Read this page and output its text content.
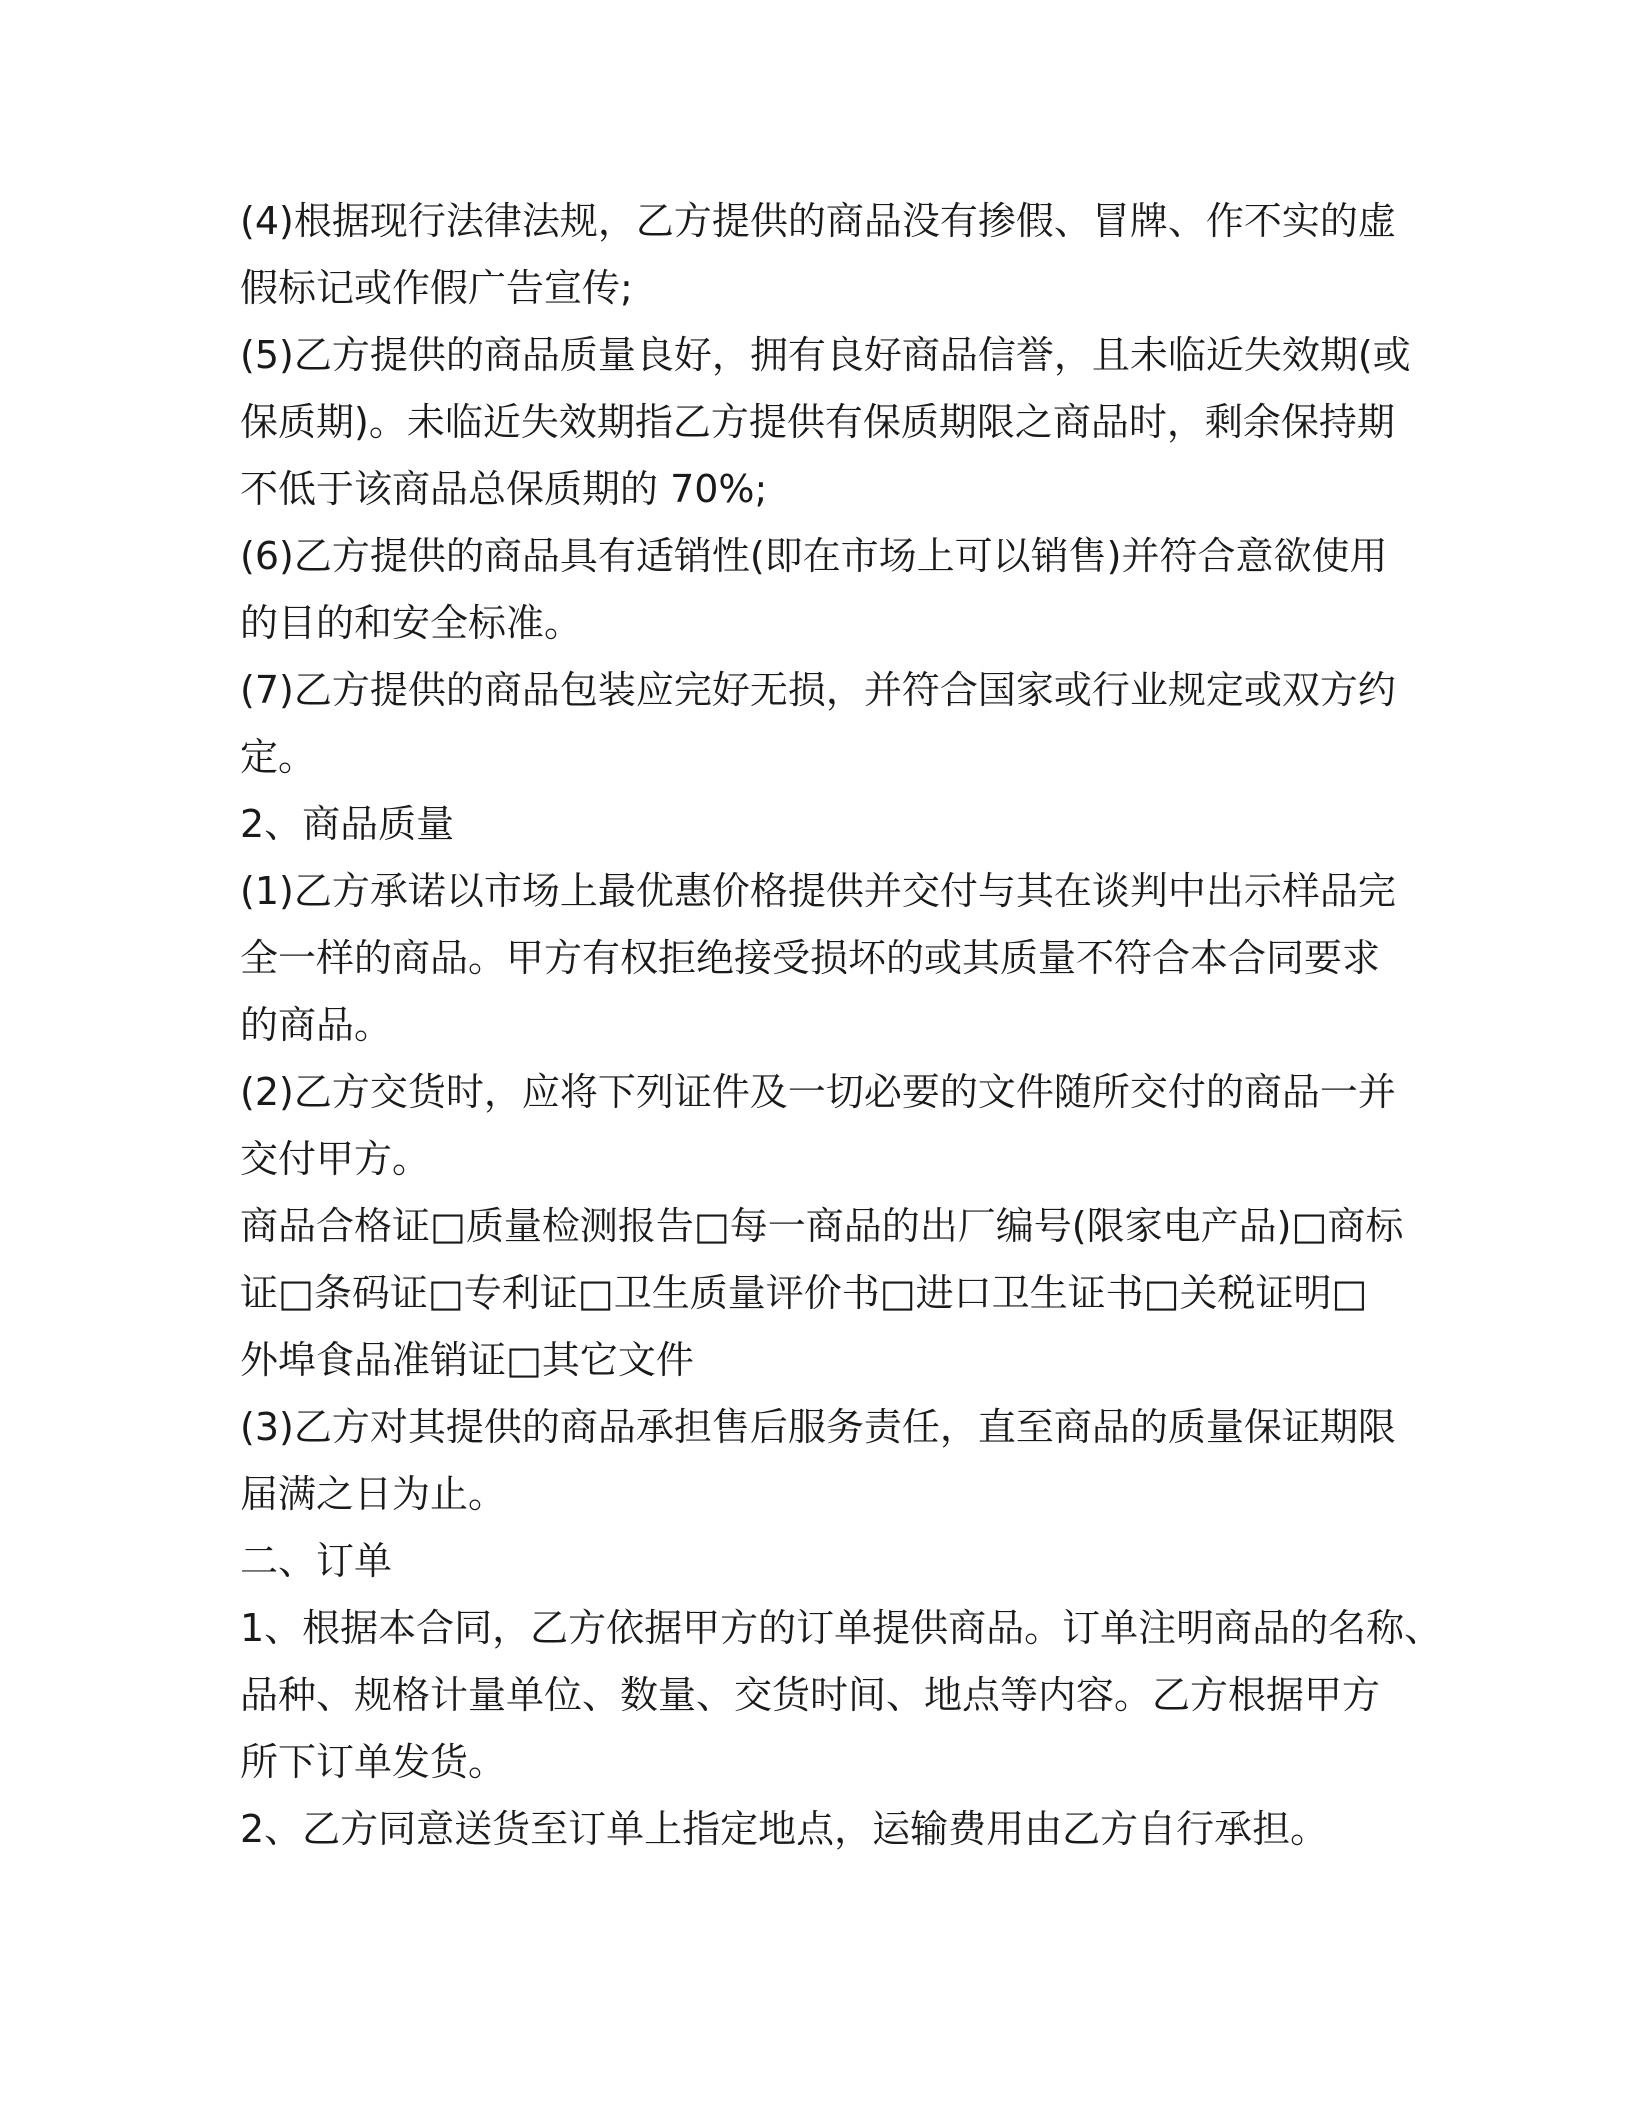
(4)根据现行法律法规，乙方提供的商品没有掺假、冒牌、作不实的虚
假标记或作假广告宣传;
(5)乙方提供的商品质量良好，拥有良好商品信誉，且未临近失效期(或
保质期)。未临近失效期指乙方提供有保质期限之商品时，剩余保持期
不低于该商品总保质期的 70%;
(6)乙方提供的商品具有适销性(即在市场上可以销售)并符合意欲使用
的目的和安全标准。
(7)乙方提供的商品包装应完好无损，并符合国家或行业规定或双方约
定。
2、商品质量
(1)乙方承诺以市场上最优惠价格提供并交付与其在谈判中出示样品完
全一样的商品。甲方有权拒绝接受损坏的或其质量不符合本合同要求
的商品。
(2)乙方交货时，应将下列证件及一切必要的文件随所交付的商品一并
交付甲方。
商品合格证□质量检测报告□每一商品的出厂编号(限家电产品)□商标
证□条码证□专利证□卫生质量评价书□进口卫生证书□关税证明□
外埠食品准销证□其它文件
(3)乙方对其提供的商品承担售后服务责任，直至商品的质量保证期限
届满之日为止。
二、订单
1、根据本合同，乙方依据甲方的订单提供商品。订单注明商品的名称、
品种、规格计量单位、数量、交货时间、地点等内容。乙方根据甲方
所下订单发货。
2、乙方同意送货至订单上指定地点，运输费用由乙方自行承担。
